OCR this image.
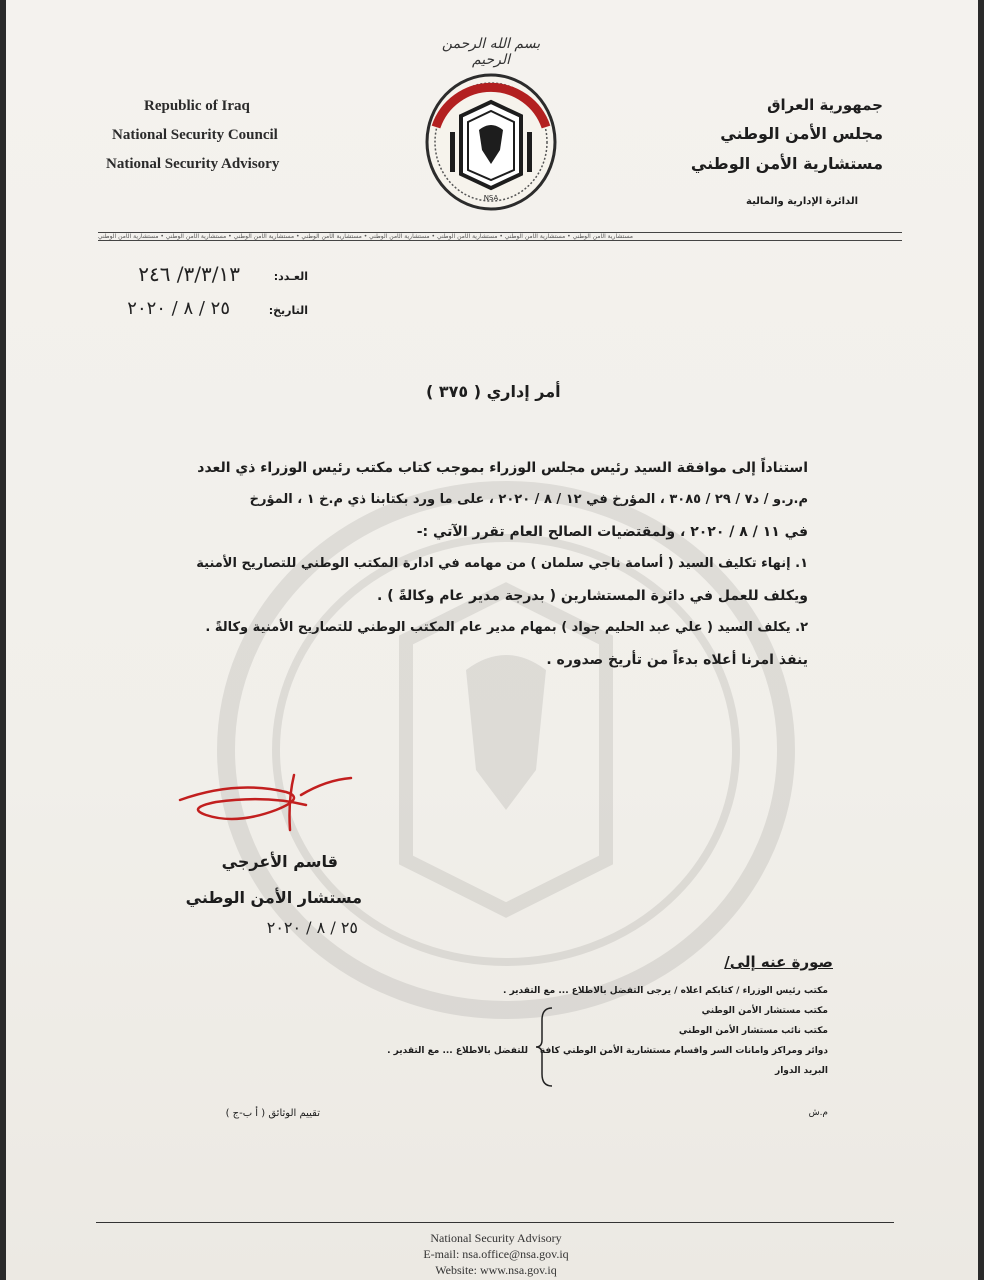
بسم الله الرحمن الرحيم
Republic of Iraq
National Security Council
National Security Advisory
جمهورية العراق
مجلس الأمن الوطني
مستشارية الأمن الوطني
الدائرة الإدارية والمالية
NSA
مستشارية الأمن الوطني • مستشارية الأمن الوطني • مستشارية الأمن الوطني • مستشارية الأمن الوطني • مستشارية الأمن الوطني • مستشارية الأمن الوطني • مستشارية الأمن الوطني • مستشارية الأمن الوطني
العـدد:
٣/٣/١٣/ ٢٤٦
التاريخ:
٢٥ / ٨ / ٢٠٢٠
أمر إداري ( ٣٧٥ )
استناداً إلى موافقة السيد رئيس مجلس الوزراء بموجب كتاب مكتب رئيس الوزراء ذي العدد
م.ر.و / د٧ / ٢٩ / ٣٠٨٥ ، المؤرخ في ١٢ / ٨ / ٢٠٢٠ ، على ما ورد بكتابنا ذي م.خ ١ ، المؤرخ
في ١١ / ٨ / ٢٠٢٠ ، ولمقتضيات الصالح العام تقرر الآتي :-
١. إنهاء تكليف السيد ( أسامة ناجي سلمان ) من مهامه في ادارة المكتب الوطني للتصاريح الأمنية
ويكلف للعمل في دائرة المستشارين ( بدرجة مدير عام وكالةً ) .
٢. يكلف السيد ( علي عبد الحليم جواد ) بمهام مدير عام المكتب الوطني للتصاريح الأمنية وكالةً .
ينفذ امرنا أعلاه بدءاً من تأريخ صدوره .
قاسم الأعرجي
مستشار الأمن الوطني
٢٥ / ٨ / ٢٠٢٠
صورة عنه إلى/
مكتب رئيس الوزراء / كتابكم اعلاه / يرجى التفضل بالاطلاع ... مع التقدير .
مكتب مستشار الأمن الوطني
مكتب نائب مستشار الأمن الوطني
دوائر ومراكز وامانات السر واقسام مستشارية الأمن الوطني كافة
البريد الدوار
للتفضل بالاطلاع ... مع التقدير .
تقييم الوثائق ( أ ب-ج )	م.ش
National Security Advisory
E-mail: nsa.office@nsa.gov.iq
Website: www.nsa.gov.iq
